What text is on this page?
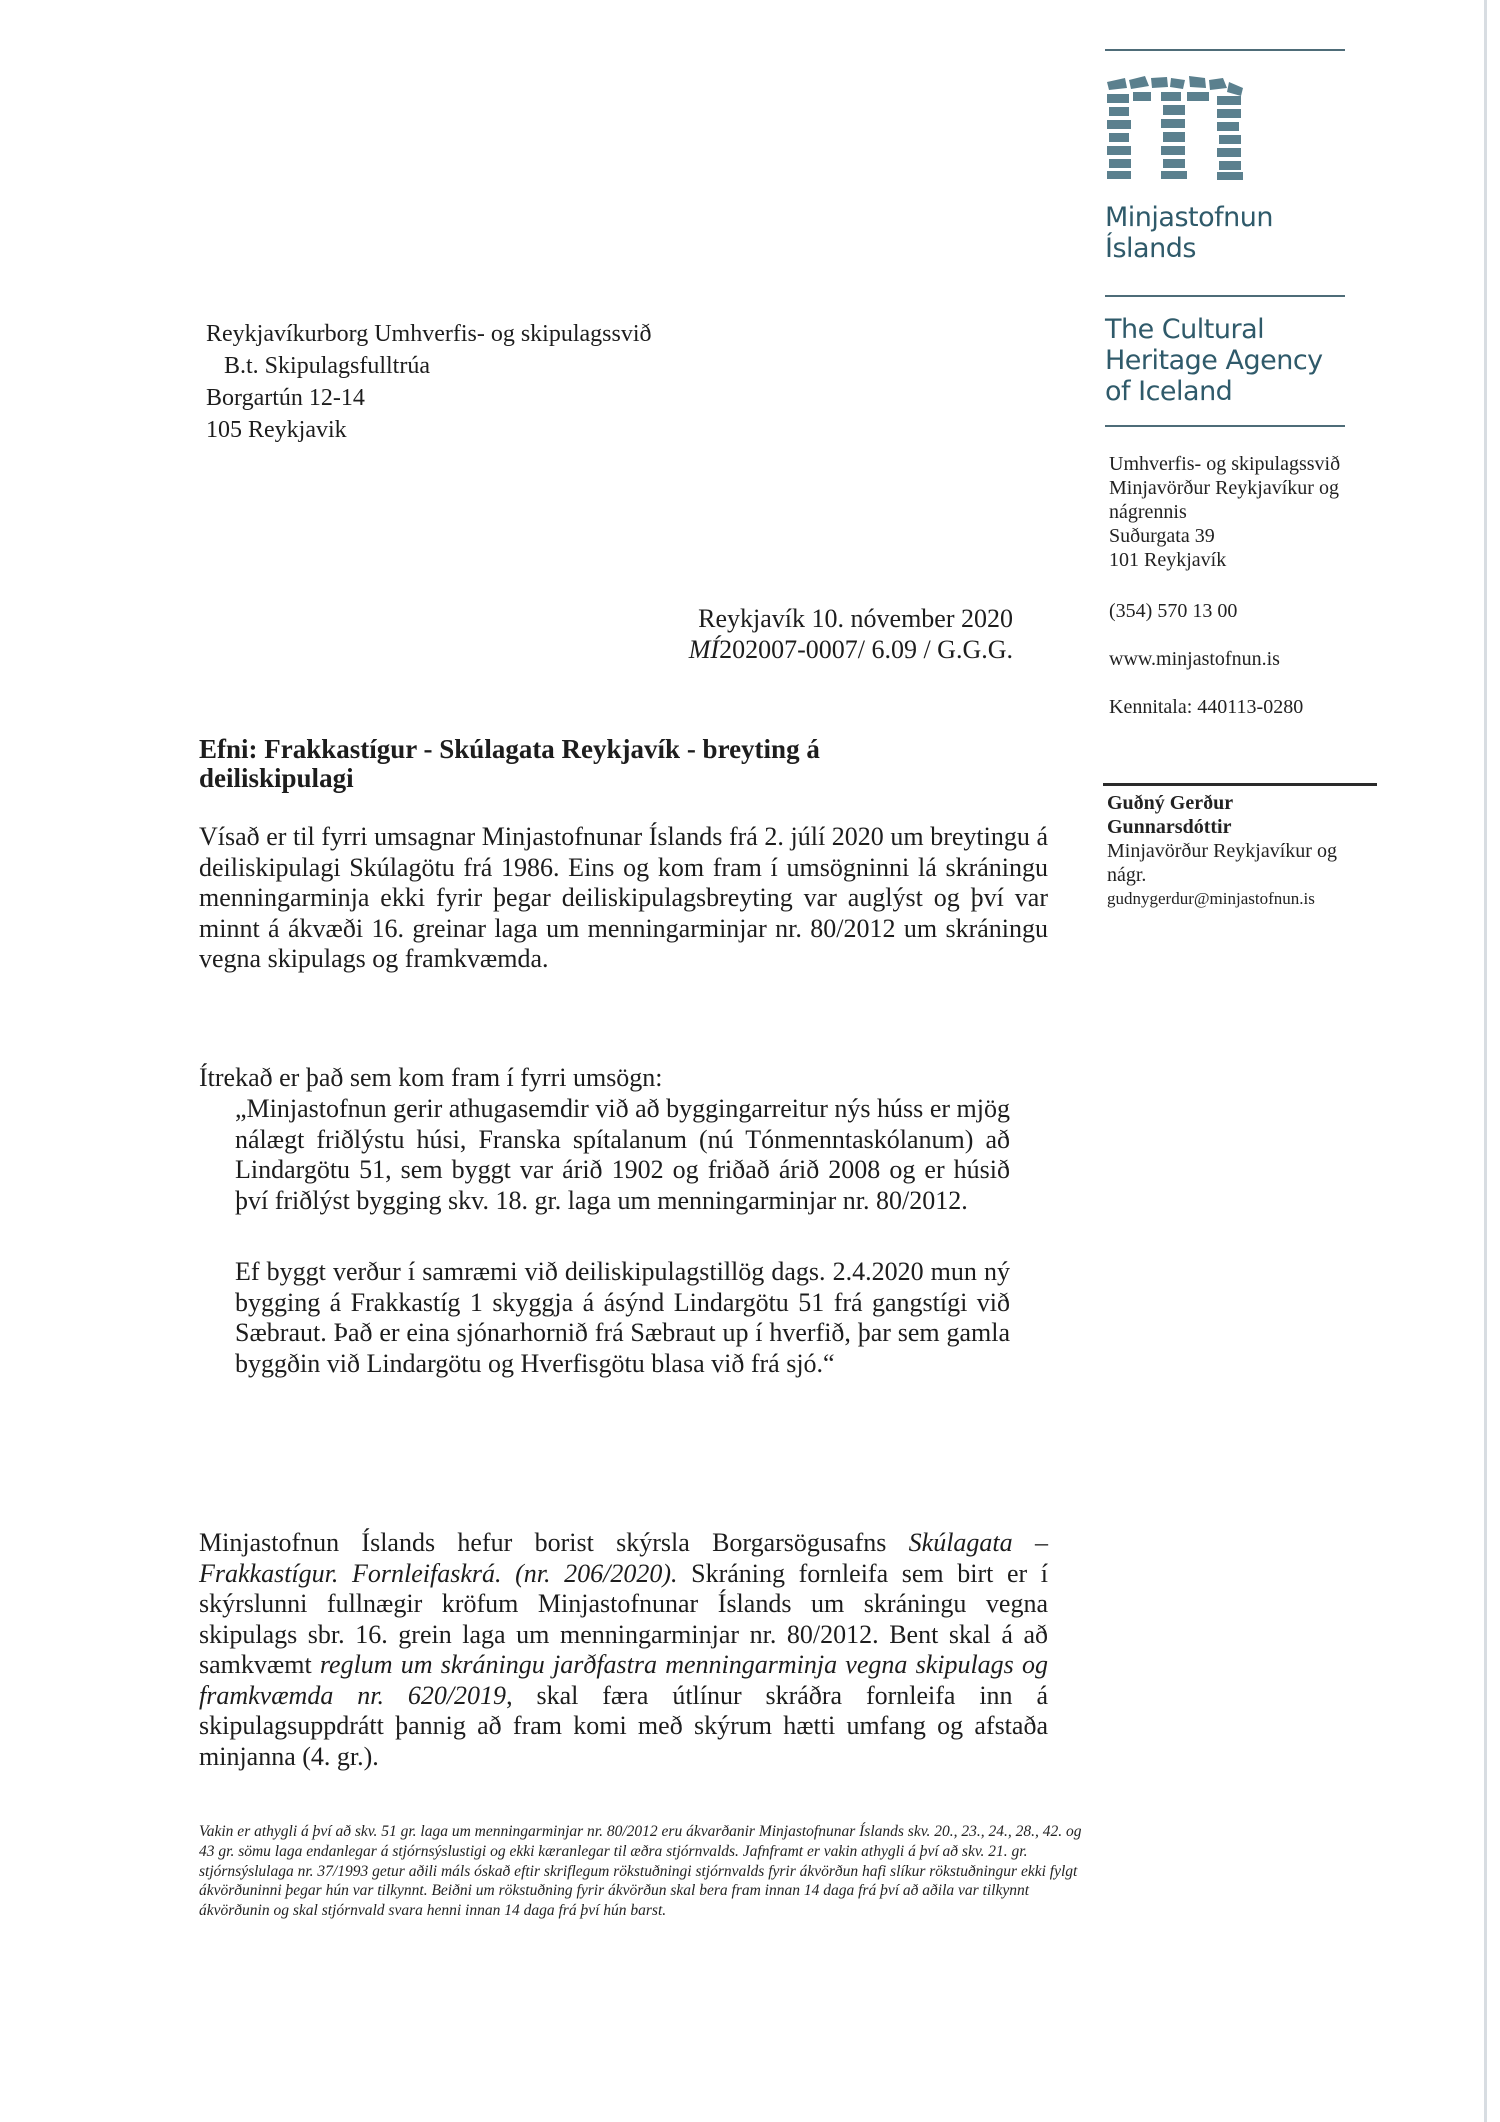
Minjastofnun
Íslands
The Cultural
Heritage Agency
of Iceland
Umhverfis- og skipulagssvið
Minjavörður Reykjavíkur og
nágrennis
Suðurgata 39
101 Reykjavík
(354) 570 13 00
www.minjastofnun.is
Kennitala: 440113-0280
Guðný Gerður
Gunnarsdóttir
Minjavörður Reykjavíkur og
nágr.
gudnygerdur@minjastofnun.is
Reykjavíkurborg Umhverfis- og skipulagssvið
B.t. Skipulagsfulltrúa
Borgartún 12-14
105 Reykjavik
Reykjavík 10. nóvember 2020
MÍ202007-0007/ 6.09 / G.G.G.
Efni: Frakkastígur - Skúlagata Reykjavík - breyting á deiliskipulagi
Vísað er til fyrri umsagnar Minjastofnunar Íslands frá 2. júlí 2020 um breytingu á deiliskipulagi Skúlagötu frá 1986. Eins og kom fram í umsögninni lá skráningu menningarminja ekki fyrir þegar deiliskipulagsbreyting var auglýst og því var minnt á ákvæði 16. greinar laga um menningarminjar nr. 80/2012 um skráningu vegna skipulags og framkvæmda.
Ítrekað er það sem kom fram í fyrri umsögn:
„Minjastofnun gerir athugasemdir við að byggingarreitur nýs húss er mjög nálægt friðlýstu húsi, Franska spítalanum (nú Tónmenntaskólanum) að Lindargötu 51, sem byggt var árið 1902 og friðað árið 2008 og er húsið því friðlýst bygging skv. 18. gr. laga um menningarminjar nr. 80/2012.
Ef byggt verður í samræmi við deiliskipulagstillög dags. 2.4.2020 mun ný bygging á Frakkastíg 1 skyggja á ásýnd Lindargötu 51 frá gangstígi við Sæbraut. Það er eina sjónarhornið frá Sæbraut up í hverfið, þar sem gamla byggðin við Lindargötu og Hverfisgötu blasa við frá sjó.“
Minjastofnun Íslands hefur borist skýrsla Borgarsögusafns Skúlagata – Frakkastígur. Fornleifaskrá. (nr. 206/2020). Skráning fornleifa sem birt er í skýrslunni fullnægir kröfum Minjastofnunar Íslands um skráningu vegna skipulags sbr. 16. grein laga um menningarminjar nr. 80/2012. Bent skal á að samkvæmt reglum um skráningu jarðfastra menningarminja vegna skipulags og framkvæmda nr. 620/2019, skal færa útlínur skráðra fornleifa inn á skipulagsuppdrátt þannig að fram komi með skýrum hætti umfang og afstaða minjanna (4. gr.).
Vakin er athygli á því að skv. 51 gr. laga um menningarminjar nr. 80/2012 eru ákvarðanir Minjastofnunar Íslands skv. 20., 23., 24., 28., 42. og 43 gr. sömu laga endanlegar á stjórnsýslustigi og ekki kæranlegar til æðra stjórnvalds. Jafnframt er vakin athygli á því að skv. 21. gr. stjórnsýslulaga nr. 37/1993 getur aðili máls óskað eftir skriflegum rökstuðningi stjórnvalds fyrir ákvörðun hafi slíkur rökstuðningur ekki fylgt ákvörðuninni þegar hún var tilkynnt. Beiðni um rökstuðning fyrir ákvörðun skal bera fram innan 14 daga frá því að aðila var tilkynnt ákvörðunin og skal stjórnvald svara henni innan 14 daga frá því hún barst.
